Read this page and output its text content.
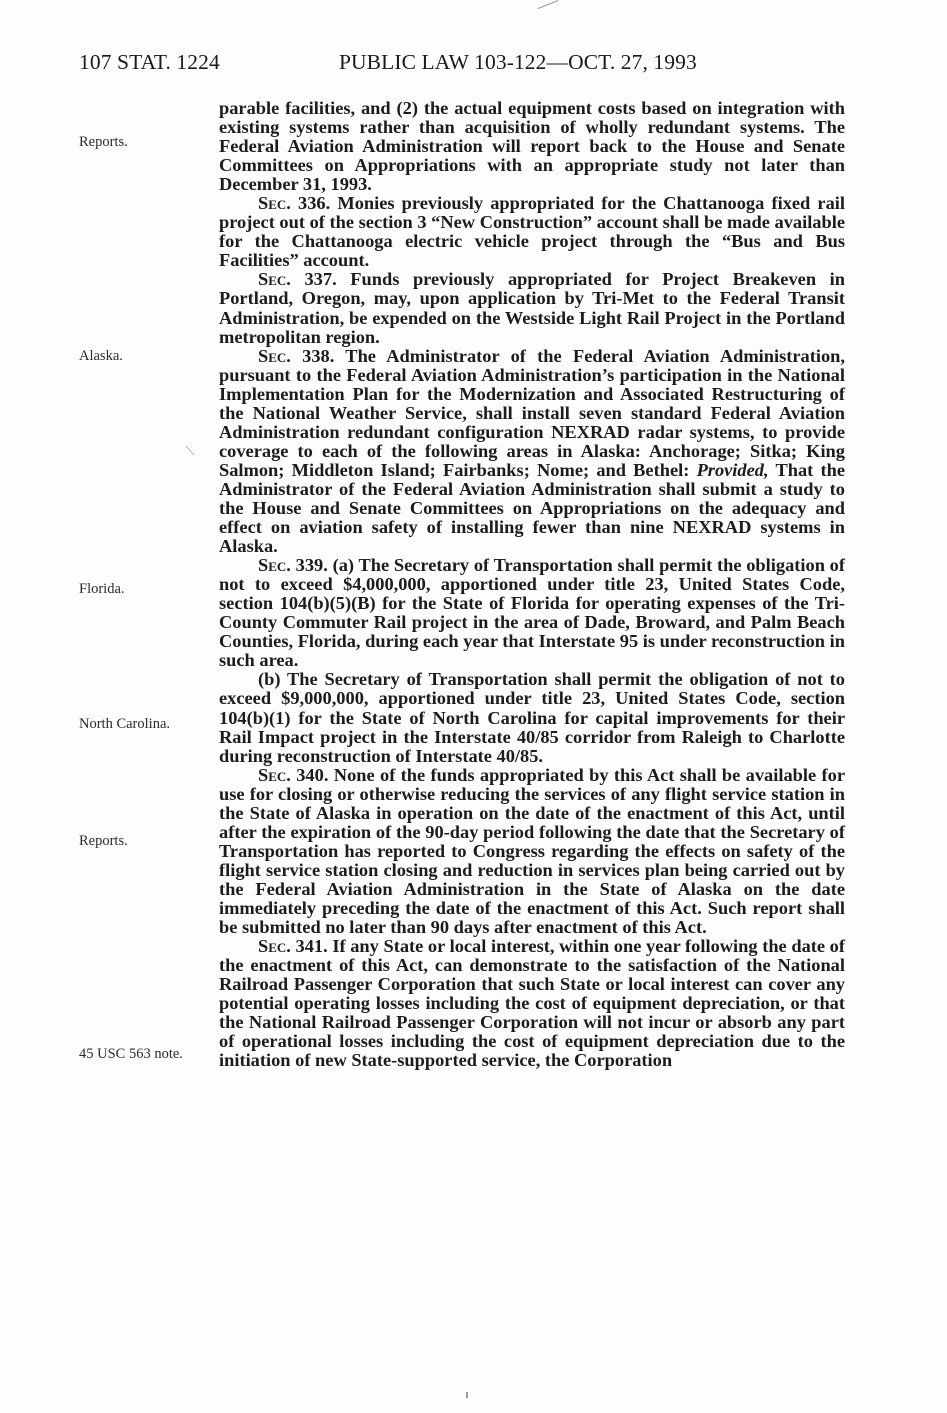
107 STAT. 1224	PUBLIC LAW 103-122—OCT. 27, 1993
Reports.
Alaska.
Florida.
North Carolina.
Reports.
45 USC 563 note.

parable facilities, and (2) the actual equipment costs based on integration with existing systems rather than acquisition of wholly redundant systems. The Federal Aviation Administration will report back to the House and Senate Committees on Appropriations with an appropriate study not later than December 31, 1993.

Sec. 336. Monies previously appropriated for the Chattanooga fixed rail project out of the section 3 “New Construction” account shall be made available for the Chattanooga electric vehicle project through the “Bus and Bus Facilities” account.

Sec. 337. Funds previously appropriated for Project Breakeven in Portland, Oregon, may, upon application by Tri-Met to the Federal Transit Administration, be expended on the Westside Light Rail Project in the Portland metropolitan region.

Sec. 338. The Administrator of the Federal Aviation Administration, pursuant to the Federal Aviation Administration’s participation in the National Implementation Plan for the Modernization and Associated Restructuring of the National Weather Service, shall install seven standard Federal Aviation Administration redundant configuration NEXRAD radar systems, to provide coverage to each of the following areas in Alaska: Anchorage; Sitka; King Salmon; Middleton Island; Fairbanks; Nome; and Bethel: Provided, That the Administrator of the Federal Aviation Administration shall submit a study to the House and Senate Committees on Appropriations on the adequacy and effect on aviation safety of installing fewer than nine NEXRAD systems in Alaska.

Sec. 339. (a) The Secretary of Transportation shall permit the obligation of not to exceed $4,000,000, apportioned under title 23, United States Code, section 104(b)(5)(B) for the State of Florida for operating expenses of the Tri-County Commuter Rail project in the area of Dade, Broward, and Palm Beach Counties, Florida, during each year that Interstate 95 is under reconstruction in such area.

(b) The Secretary of Transportation shall permit the obligation of not to exceed $9,000,000, apportioned under title 23, United States Code, section 104(b)(1) for the State of North Carolina for capital improvements for their Rail Impact project in the Interstate 40/85 corridor from Raleigh to Charlotte during reconstruction of Interstate 40/85.

Sec. 340. None of the funds appropriated by this Act shall be available for use for closing or otherwise reducing the services of any flight service station in the State of Alaska in operation on the date of the enactment of this Act, until after the expiration of the 90-day period following the date that the Secretary of Transportation has reported to Congress regarding the effects on safety of the flight service station closing and reduction in services plan being carried out by the Federal Aviation Administration in the State of Alaska on the date immediately preceding the date of the enactment of this Act. Such report shall be submitted no later than 90 days after enactment of this Act.

Sec. 341. If any State or local interest, within one year following the date of the enactment of this Act, can demonstrate to the satisfaction of the National Railroad Passenger Corporation that such State or local interest can cover any potential operating losses including the cost of equipment depreciation, or that the National Railroad Passenger Corporation will not incur or absorb any part of operational losses including the cost of equipment depreciation due to the initiation of new State-supported service, the Corporation
